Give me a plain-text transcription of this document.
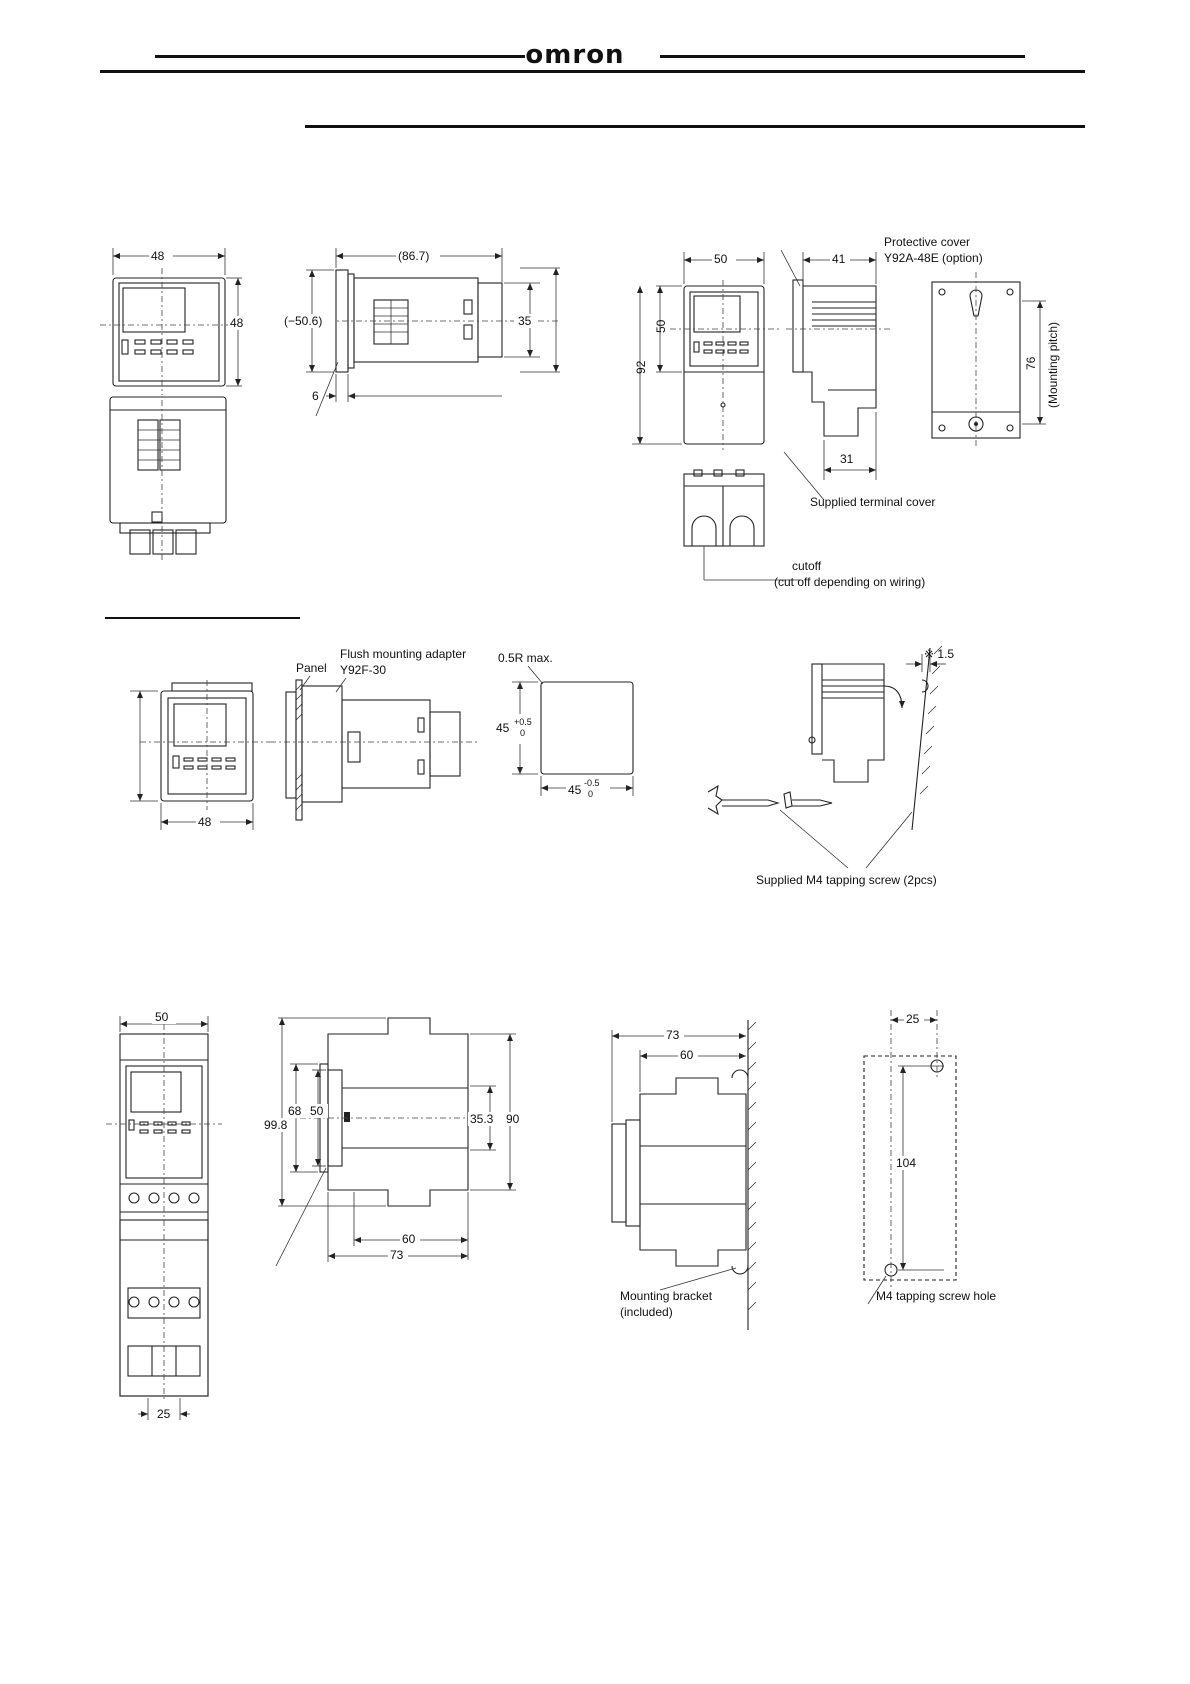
omron
48
48
(86.7)
(−50.6)	35
6
50
50
92
41
31
Protective cover
Y92A-48E (option)
Supplied terminal cover
76 (Mounting pitch)
cutoff
(cut off depending on wiring)
48
Panel
Flush mounting adapter
Y92F-30
0.5R max.
45 +0.5
0
45 -0.5
0
※ 1.5
Supplied M4 tapping screw (2pcs)
50
25
99.8
68 50
35.3 90
60
73
73
60
Mounting bracket
(included)
25
104
M4 tapping screw hole
